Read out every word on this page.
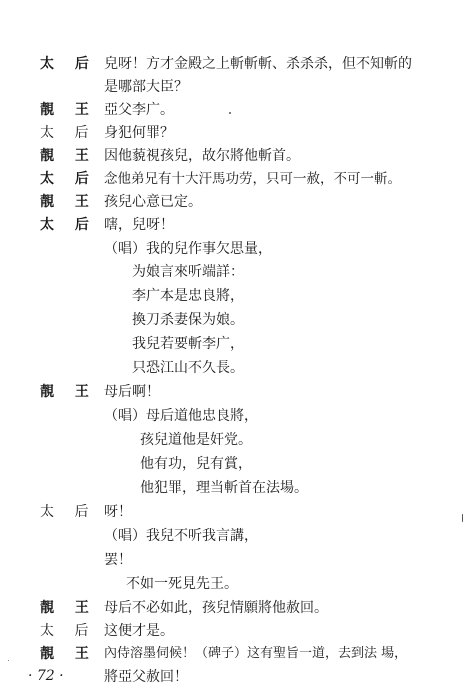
太 后 皃呀！方才金殿之上斬斬斬、杀杀杀，但不知斬的
是哪部大臣？
靚 王 亞父李广。
太 后 身犯何罪？
靚 王 因他藐視孩兒，故尔將他斬首。
太 后 念他弟兄有十大汗馬功劳，只可一赦，不可一斬。
靚 王 孩兒心意已定。
太 后 嗐，兒呀！
（唱）我的兒作事欠思量，
为娘言來听端詳：
李广本是忠良將，
換刀杀妻保为娘。
我兒若要斬李广，
只恐江山不久長。
靚 王 母后啊！
（唱）母后道他忠良將，
孩兒道他是奸党。
他有功，兒有賞，
他犯罪，理当斬首在法場。
太 后 呀！
（唱）我兒不听我言講，
罢！
不如一死見先王。
靚 王 母后不必如此，孩兒情願將他赦回。
太 后 这便才是。
靚 王 內侍溶墨伺候！（碑子）这有聖旨一道，去到法 場，
將亞父赦回！
· 72 ·
